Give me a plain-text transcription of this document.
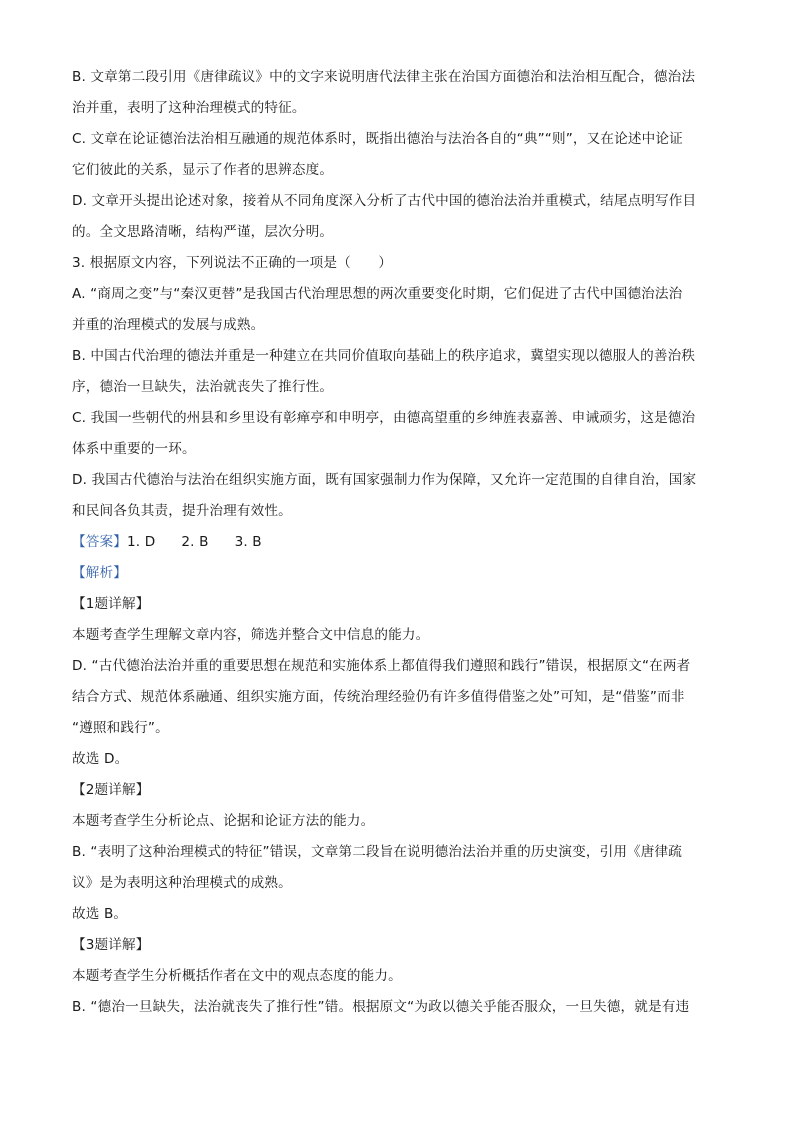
B. 文章第二段引用《唐律疏议》中的文字来说明唐代法律主张在治国方面德治和法治相互配合，德治法
治并重，表明了这种治理模式的特征。
C. 文章在论证德治法治相互融通的规范体系时，既指出德治与法治各自的“典”“则”，又在论述中论证
它们彼此的关系，显示了作者的思辨态度。
D. 文章开头提出论述对象，接着从不同角度深入分析了古代中国的德治法治并重模式，结尾点明写作目
的。全文思路清晰，结构严谨，层次分明。
3. 根据原文内容，下列说法不正确的一项是（　　）
A. “商周之变”与“秦汉更替”是我国古代治理思想的两次重要变化时期，它们促进了古代中国德治法治
并重的治理模式的发展与成熟。
B. 中国古代治理的德法并重是一种建立在共同价值取向基础上的秩序追求，冀望实现以德服人的善治秩
序，德治一旦缺失，法治就丧失了推行性。
C. 我国一些朝代的州县和乡里设有彰瘅亭和申明亭，由德高望重的乡绅旌表嘉善、申诫顽劣，这是德治
体系中重要的一环。
D. 我国古代德治与法治在组织实施方面，既有国家强制力作为保障，又允许一定范围的自律自治，国家
和民间各负其责，提升治理有效性。
【答案】1. D 2. B 3. B
【解析】
【1题详解】
本题考查学生理解文章内容，筛选并整合文中信息的能力。
D. “古代德治法治并重的重要思想在规范和实施体系上都值得我们遵照和践行”错误，根据原文“在两者
结合方式、规范体系融通、组织实施方面，传统治理经验仍有许多值得借鉴之处”可知，是“借鉴”而非
“遵照和践行”。
故选 D。
【2题详解】
本题考查学生分析论点、论据和论证方法的能力。
B. “表明了这种治理模式的特征”错误，文章第二段旨在说明德治法治并重的历史演变，引用《唐律疏
议》是为表明这种治理模式的成熟。
故选 B。
【3题详解】
本题考查学生分析概括作者在文中的观点态度的能力。
B. “德治一旦缺失，法治就丧失了推行性”错。根据原文“为政以德关乎能否服众，一旦失德，就是有违
